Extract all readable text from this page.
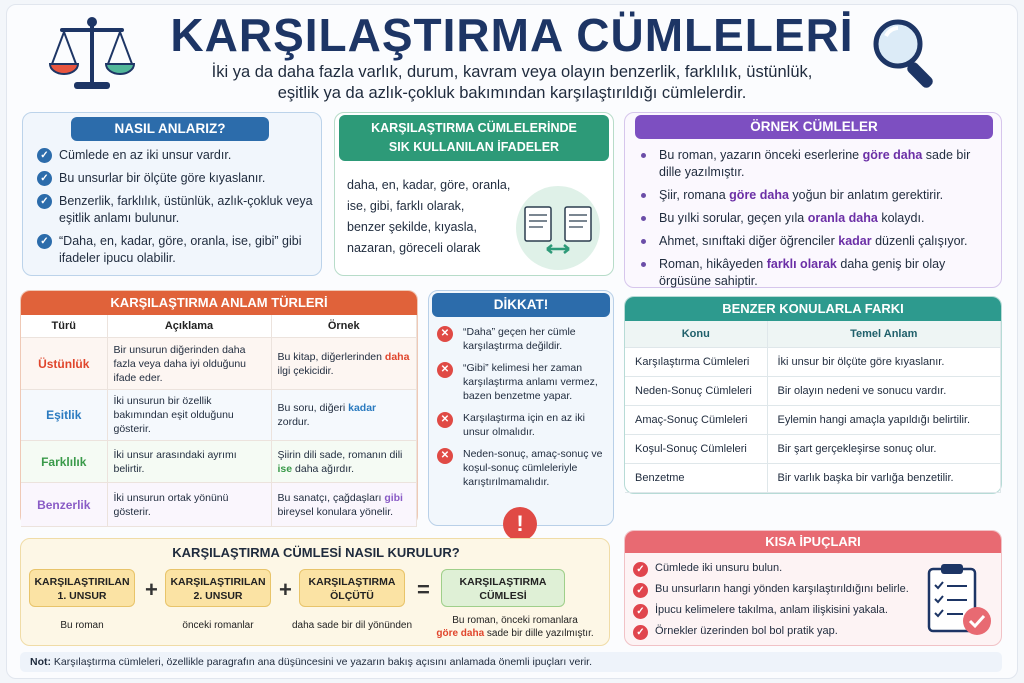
KARŞILAŞTIRMA CÜMLELERİ
İki ya da daha fazla varlık, durum, kavram veya olayın benzerlik, farklılık, üstünlük,
eşitlik ya da azlık-çokluk bakımından karşılaştırıldığı cümlelerdir.
NASIL ANLARIZ?
✓ Cümlede en az iki unsur vardır.
✓ Bu unsurlar bir ölçüte göre kıyaslanır.
✓ Benzerlik, farklılık, üstünlük, azlık-çokluk veya eşitlik anlamı bulunur.
✓ “Daha, en, kadar, göre, oranla, ise, gibi” gibi ifadeler ipucu olabilir.
KARŞILAŞTIRMA CÜMLELERİNDE
SIK KULLANILAN İFADELER
daha, en, kadar, göre, oranla,
ise, gibi, farklı olarak,
benzer şekilde, kıyasla,
nazaran, göreceli olarak
ÖRNEK CÜMLELER
Bu roman, yazarın önceki eserlerine göre daha sade bir dille yazılmıştır.
Şiir, romana göre daha yoğun bir anlatım gerektirir.
Bu yılki sorular, geçen yıla oranla daha kolaydı.
Ahmet, sınıftaki diğer öğrenciler kadar düzenli çalışıyor.
Roman, hikâyeden farklı olarak daha geniş bir olay örgüsüne sahiptir.
KARŞILAŞTIRMA ANLAM TÜRLERİ
Türü	Açıklama	Örnek
Üstünlük	Bir unsurun diğerinden daha fazla veya daha iyi olduğunu ifade eder.	Bu kitap, diğerlerinden daha ilgi çekicidir.
Eşitlik	İki unsurun bir özellik bakımından eşit olduğunu gösterir.	Bu soru, diğeri kadar zordur.
Farklılık	İki unsur arasındaki ayrımı belirtir.	Şiirin dili sade, romanın dili ise daha ağırdır.
Benzerlik	İki unsurun ortak yönünü gösterir.	Bu sanatçı, çağdaşları gibi bireysel konulara yönelir.
DİKKAT!
✕	“Daha” geçen her cümle karşılaştırma değildir.
✕	“Gibi” kelimesi her zaman karşılaştırma anlamı vermez, bazen benzetme yapar.
✕	Karşılaştırma için en az iki unsur olmalıdır.
✕	Neden-sonuç, amaç-sonuç ve koşul-sonuç cümleleriyle karıştırılmamalıdır.
!
BENZER KONULARLA FARKI
Konu	Temel Anlam
Karşılaştırma Cümleleri	İki unsur bir ölçüte göre kıyaslanır.
Neden-Sonuç Cümleleri	Bir olayın nedeni ve sonucu vardır.
Amaç-Sonuç Cümleleri	Eylemin hangi amaçla yapıldığı belirtilir.
Koşul-Sonuç Cümleleri	Bir şart gerçekleşirse sonuç olur.
Benzetme	Bir varlık başka bir varlığa benzetilir.
KARŞILAŞTIRMA CÜMLESİ NASIL KURULUR?
KARŞILAŞTIRILAN 1. UNSUR	+	KARŞILAŞTIRILAN 2. UNSUR	+	KARŞILAŞTIRMA ÖLÇÜTÜ	=	KARŞILAŞTIRMA CÜMLESİ
Bu roman	önceki romanlar	daha sade bir dil yönünden	Bu roman, önceki romanlara
göre daha sade bir dille yazılmıştır.
KISA İPUÇLARI
✓ Cümlede iki unsuru bulun.
✓ Bu unsurların hangi yönden karşılaştırıldığını belirle.
✓ İpucu kelimelere takılma, anlam ilişkisini yakala.
✓ Örnekler üzerinden bol bol pratik yap.
Not: Karşılaştırma cümleleri, özellikle paragrafın ana düşüncesini ve yazarın bakış açısını anlamada önemli ipuçları verir.
